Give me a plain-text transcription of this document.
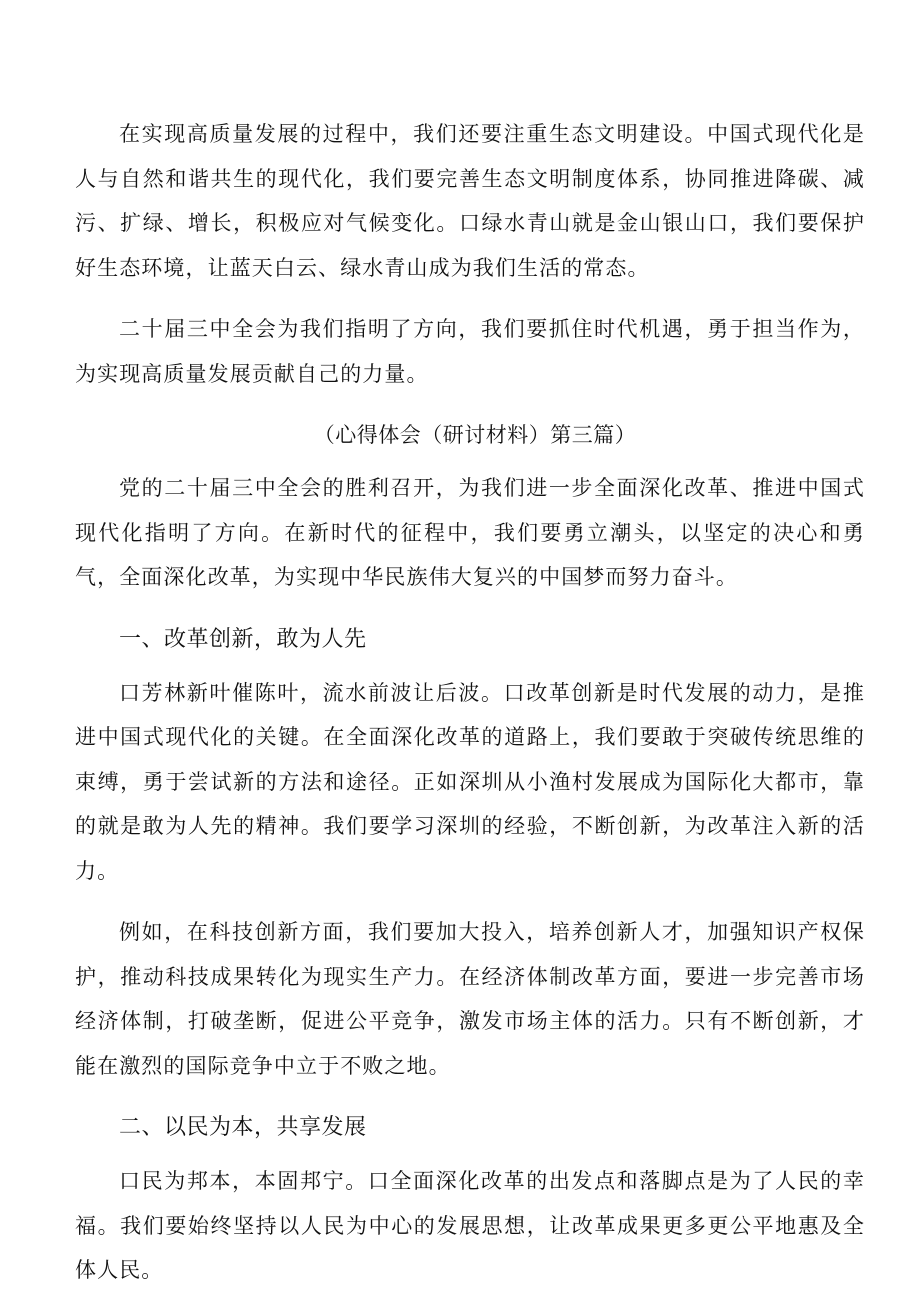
在实现高质量发展的过程中，我们还要注重生态文明建设。中国式现代化是人与自然和谐共生的现代化，我们要完善生态文明制度体系，协同推进降碳、减污、扩绿、增长，积极应对气候变化。口绿水青山就是金山银山口，我们要保护好生态环境，让蓝天白云、绿水青山成为我们生活的常态。

二十届三中全会为我们指明了方向，我们要抓住时代机遇，勇于担当作为，为实现高质量发展贡献自己的力量。

（心得体会（研讨材料）第三篇）

党的二十届三中全会的胜利召开，为我们进一步全面深化改革、推进中国式现代化指明了方向。在新时代的征程中，我们要勇立潮头，以坚定的决心和勇气，全面深化改革，为实现中华民族伟大复兴的中国梦而努力奋斗。

一、改革创新，敢为人先

口芳林新叶催陈叶，流水前波让后波。口改革创新是时代发展的动力，是推进中国式现代化的关键。在全面深化改革的道路上，我们要敢于突破传统思维的束缚，勇于尝试新的方法和途径。正如深圳从小渔村发展成为国际化大都市，靠的就是敢为人先的精神。我们要学习深圳的经验，不断创新，为改革注入新的活力。

例如，在科技创新方面，我们要加大投入，培养创新人才，加强知识产权保护，推动科技成果转化为现实生产力。在经济体制改革方面，要进一步完善市场经济体制，打破垄断，促进公平竞争，激发市场主体的活力。只有不断创新，才能在激烈的国际竞争中立于不败之地。

二、以民为本，共享发展

口民为邦本，本固邦宁。口全面深化改革的出发点和落脚点是为了人民的幸福。我们要始终坚持以人民为中心的发展思想，让改革成果更多更公平地惠及全体人民。
